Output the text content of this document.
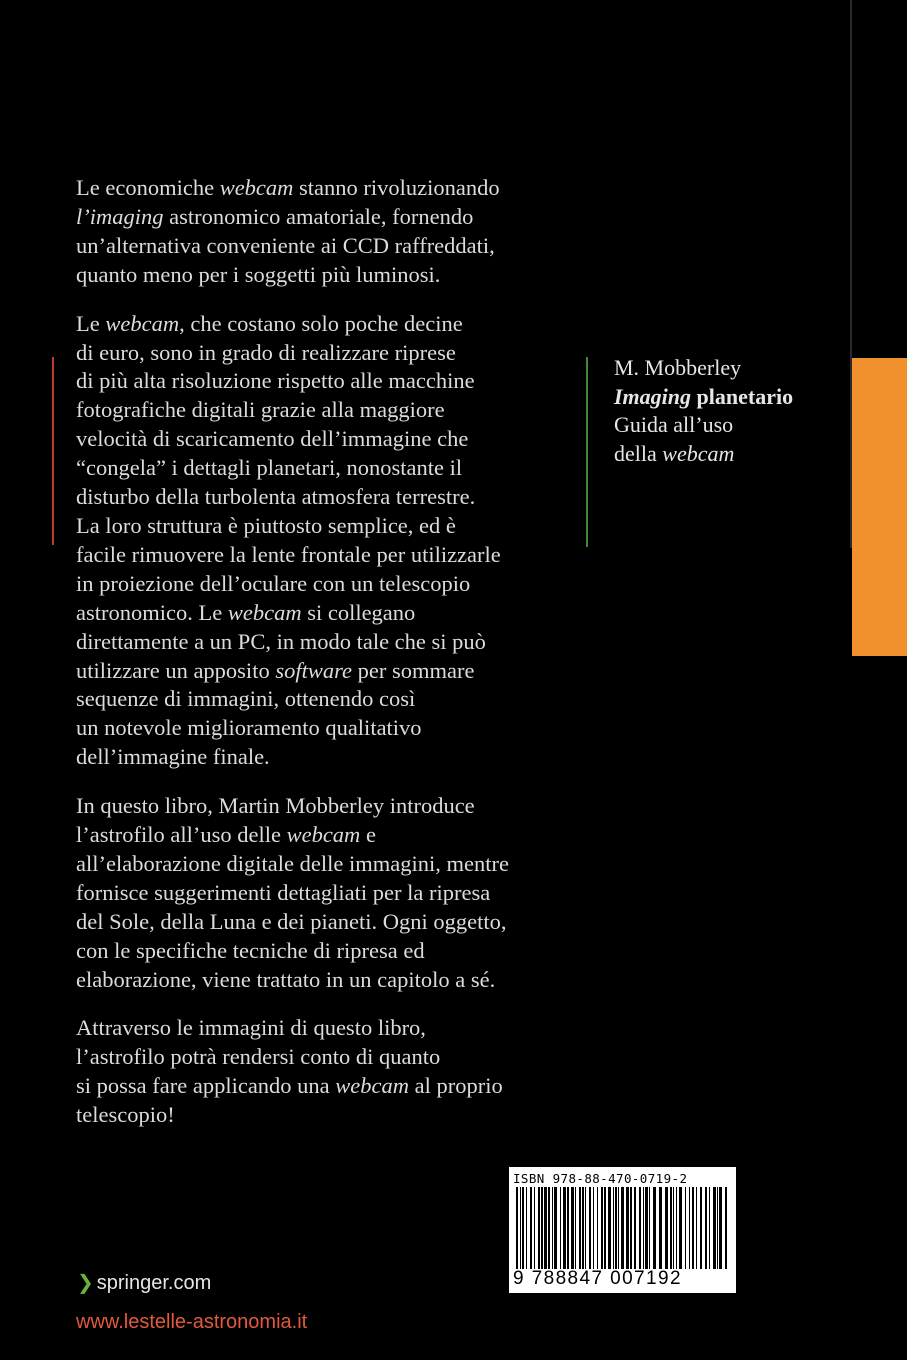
Le economiche webcam stanno rivoluzionando
l’imaging astronomico amatoriale, fornendo
un’alternativa conveniente ai CCD raffreddati,
quanto meno per i soggetti più luminosi.

Le webcam, che costano solo poche decine
di euro, sono in grado di realizzare riprese
di più alta risoluzione rispetto alle macchine
fotografiche digitali grazie alla maggiore
velocità di scaricamento dell’immagine che
“congela” i dettagli planetari, nonostante il
disturbo della turbolenta atmosfera terrestre.
La loro struttura è piuttosto semplice, ed è
facile rimuovere la lente frontale per utilizzarle
in proiezione dell’oculare con un telescopio
astronomico. Le webcam si collegano
direttamente a un PC, in modo tale che si può
utilizzare un apposito software per sommare
sequenze di immagini, ottenendo così
un notevole miglioramento qualitativo
dell’immagine finale.

In questo libro, Martin Mobberley introduce
l’astrofilo all’uso delle webcam e
all’elaborazione digitale delle immagini, mentre
fornisce suggerimenti dettagliati per la ripresa
del Sole, della Luna e dei pianeti. Ogni oggetto,
con le specifiche tecniche di ripresa ed
elaborazione, viene trattato in un capitolo a sé.

Attraverso le immagini di questo libro,
l’astrofilo potrà rendersi conto di quanto
si possa fare applicando una webcam al proprio
telescopio!

M. Mobberley
Imaging planetario
Guida all’uso
della webcam
ISBN 978-88-470-0719-2
9 788847 007192
❯ springer.com
www.lestelle-astronomia.it
